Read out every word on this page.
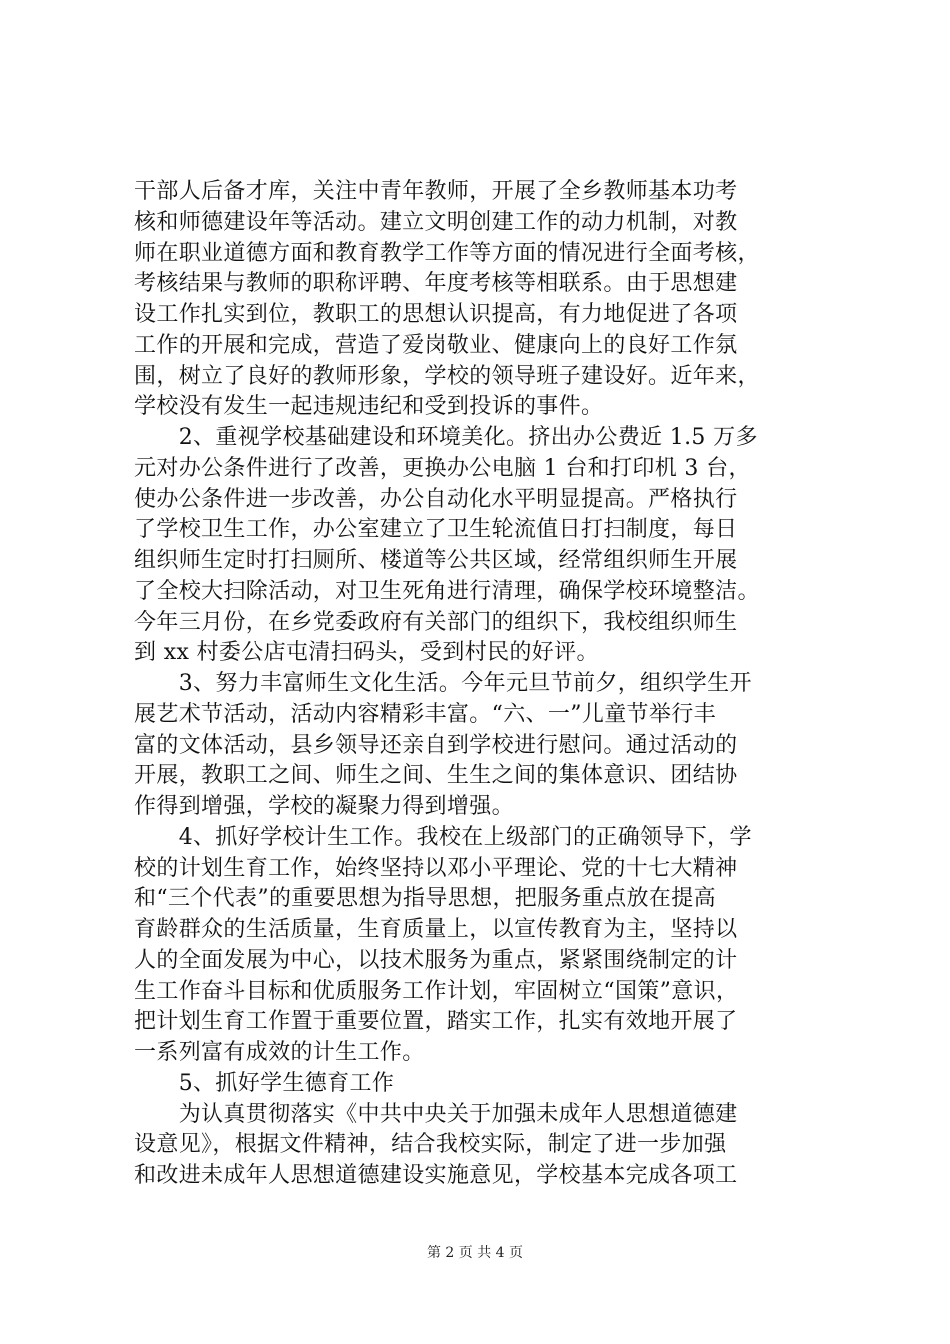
干部人后备才库，关注中青年教师，开展了全乡教师基本功考
核和师德建设年等活动。建立文明创建工作的动力机制，对教
师在职业道德方面和教育教学工作等方面的情况进行全面考核，
考核结果与教师的职称评聘、年度考核等相联系。由于思想建
设工作扎实到位，教职工的思想认识提高，有力地促进了各项
工作的开展和完成，营造了爱岗敬业、健康向上的良好工作氛
围，树立了良好的教师形象，学校的领导班子建设好。近年来，
学校没有发生一起违规违纪和受到投诉的事件。
　　2、重视学校基础建设和环境美化。挤出办公费近 1.5 万多
元对办公条件进行了改善，更换办公电脑 1 台和打印机 3 台，
使办公条件进一步改善，办公自动化水平明显提高。严格执行
了学校卫生工作，办公室建立了卫生轮流值日打扫制度，每日
组织师生定时打扫厕所、楼道等公共区域，经常组织师生开展
了全校大扫除活动，对卫生死角进行清理，确保学校环境整洁。
今年三月份，在乡党委政府有关部门的组织下，我校组织师生
到 xx 村委公店屯清扫码头，受到村民的好评。
　　3、努力丰富师生文化生活。今年元旦节前夕，组织学生开
展艺术节活动，活动内容精彩丰富。“六、一”儿童节举行丰
富的文体活动，县乡领导还亲自到学校进行慰问。通过活动的
开展，教职工之间、师生之间、生生之间的集体意识、团结协
作得到增强，学校的凝聚力得到增强。
　　4、抓好学校计生工作。我校在上级部门的正确领导下，学
校的计划生育工作，始终坚持以邓小平理论、党的十七大精神
和“三个代表”的重要思想为指导思想，把服务重点放在提高
育龄群众的生活质量，生育质量上，以宣传教育为主，坚持以
人的全面发展为中心，以技术服务为重点，紧紧围绕制定的计
生工作奋斗目标和优质服务工作计划，牢固树立“国策”意识，
把计划生育工作置于重要位置，踏实工作，扎实有效地开展了
一系列富有成效的计生工作。
　　5、抓好学生德育工作
　　为认真贯彻落实《中共中央关于加强未成年人思想道德建
设意见》，根据文件精神，结合我校实际，制定了进一步加强
和改进未成年人思想道德建设实施意见，学校基本完成各项工
第 2 页 共 4 页
